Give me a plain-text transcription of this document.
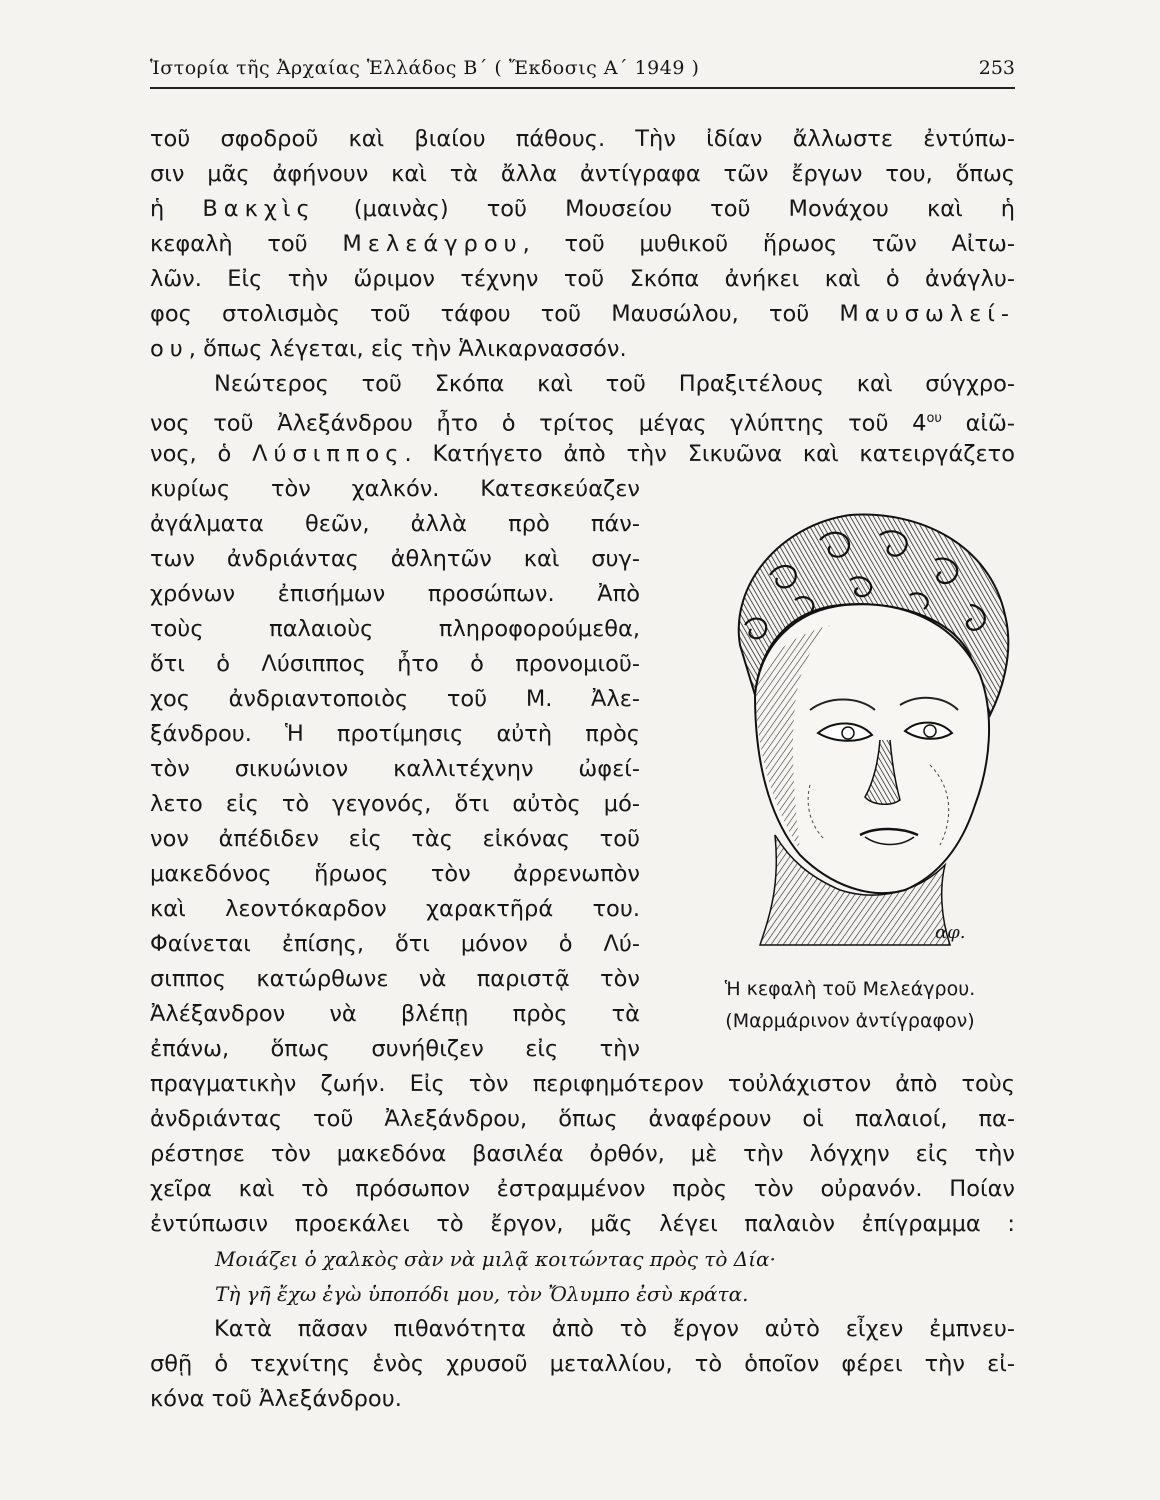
Ἱστορία τῆς Ἀρχαίας Ἑλλάδος Β΄ ( Ἔκδοσις Α΄ 1949 )	253
τοῦ σφοδροῦ καὶ βιαίου πάθους. Τὴν ἰδίαν ἄλλωστε ἐντύπω-
σιν μᾶς ἀφήνουν καὶ τὰ ἄλλα ἀντίγραφα τῶν ἔργων του, ὅπως
ἡ Βακχὶς (μαινὰς) τοῦ Μουσείου τοῦ Μονάχου καὶ ἡ
κεφαλὴ τοῦ Μελεάγρου, τοῦ μυθικοῦ ἥρωος τῶν Αἰτω-
λῶν. Εἰς τὴν ὥριμον τέχνην τοῦ Σκόπα ἀνήκει καὶ ὁ ἀνάγλυ-
φος στολισμὸς τοῦ τάφου τοῦ Μαυσώλου, τοῦ Μαυσωλεί-
ου, ὅπως λέγεται, εἰς τὴν Ἁλικαρνασσόν.
Νεώτερος τοῦ Σκόπα καὶ τοῦ Πραξιτέλους καὶ σύγχρο-
νος τοῦ Ἀλεξάνδρου ἦτο ὁ τρίτος μέγας γλύπτης τοῦ $4^{o\upsilon}$ αἰῶ-
νος, ὁ Λύσιππος. Κατήγετο ἀπὸ τὴν Σικυῶνα καὶ κατειργάζετο
κυρίως τὸν χαλκόν. Κατεσκεύαζεν
ἀγάλματα θεῶν, ἀλλὰ πρὸ πάν-
των ἀνδριάντας ἀθλητῶν καὶ συγ-
χρόνων ἐπισήμων προσώπων. Ἀπὸ
τοὺς παλαιοὺς πληροφορούμεθα,
ὅτι ὁ Λύσιππος ἦτο ὁ προνομιοῦ-
χος ἀνδριαντοποιὸς τοῦ Μ. Ἀλε-
ξάνδρου. Ἡ προτίμησις αὐτὴ πρὸς
τὸν σικυώνιον καλλιτέχνην ὠφεί-
λετο εἰς τὸ γεγονός, ὅτι αὐτὸς μό-
νον ἀπέδιδεν εἰς τὰς εἰκόνας τοῦ
μακεδόνος ἥρωος τὸν ἀρρενωπὸν
καὶ λεοντόκαρδον χαρακτῆρά του.
Φαίνεται ἐπίσης, ὅτι μόνον ὁ Λύ-
σιππος κατώρθωνε νὰ παριστᾷ τὸν
Ἀλέξανδρον νὰ βλέπῃ πρὸς τὰ
ἐπάνω, ὅπως συνήθιζεν εἰς τὴν
αφ.
Ἡ κεφαλὴ τοῦ Μελεάγρου.
(Μαρμάρινον ἀντίγραφον)
πραγματικὴν ζωήν. Εἰς τὸν περιφημότερον τοὐλάχιστον ἀπὸ τοὺς
ἀνδριάντας τοῦ Ἀλεξάνδρου, ὅπως ἀναφέρουν οἱ παλαιοί, πα-
ρέστησε τὸν μακεδόνα βασιλέα ὀρθόν, μὲ τὴν λόγχην εἰς τὴν
χεῖρα καὶ τὸ πρόσωπον ἐστραμμένον πρὸς τὸν οὐρανόν. Ποίαν
ἐντύπωσιν προεκάλει τὸ ἔργον, μᾶς λέγει παλαιὸν ἐπίγραμμα :
Μοιάζει ὁ χαλκὸς σὰν νὰ μιλᾷ κοιτώντας πρὸς τὸ Δία·
Τὴ γῆ ἔχω ἐγὼ ὑποπόδι μου, τὸν Ὄλυμπο ἐσὺ κράτα.
Κατὰ πᾶσαν πιθανότητα ἀπὸ τὸ ἔργον αὐτὸ εἶχεν ἐμπνευ-
σθῇ ὁ τεχνίτης ἑνὸς χρυσοῦ μεταλλίου, τὸ ὁποῖον φέρει τὴν εἰ-
κόνα τοῦ Ἀλεξάνδρου.
